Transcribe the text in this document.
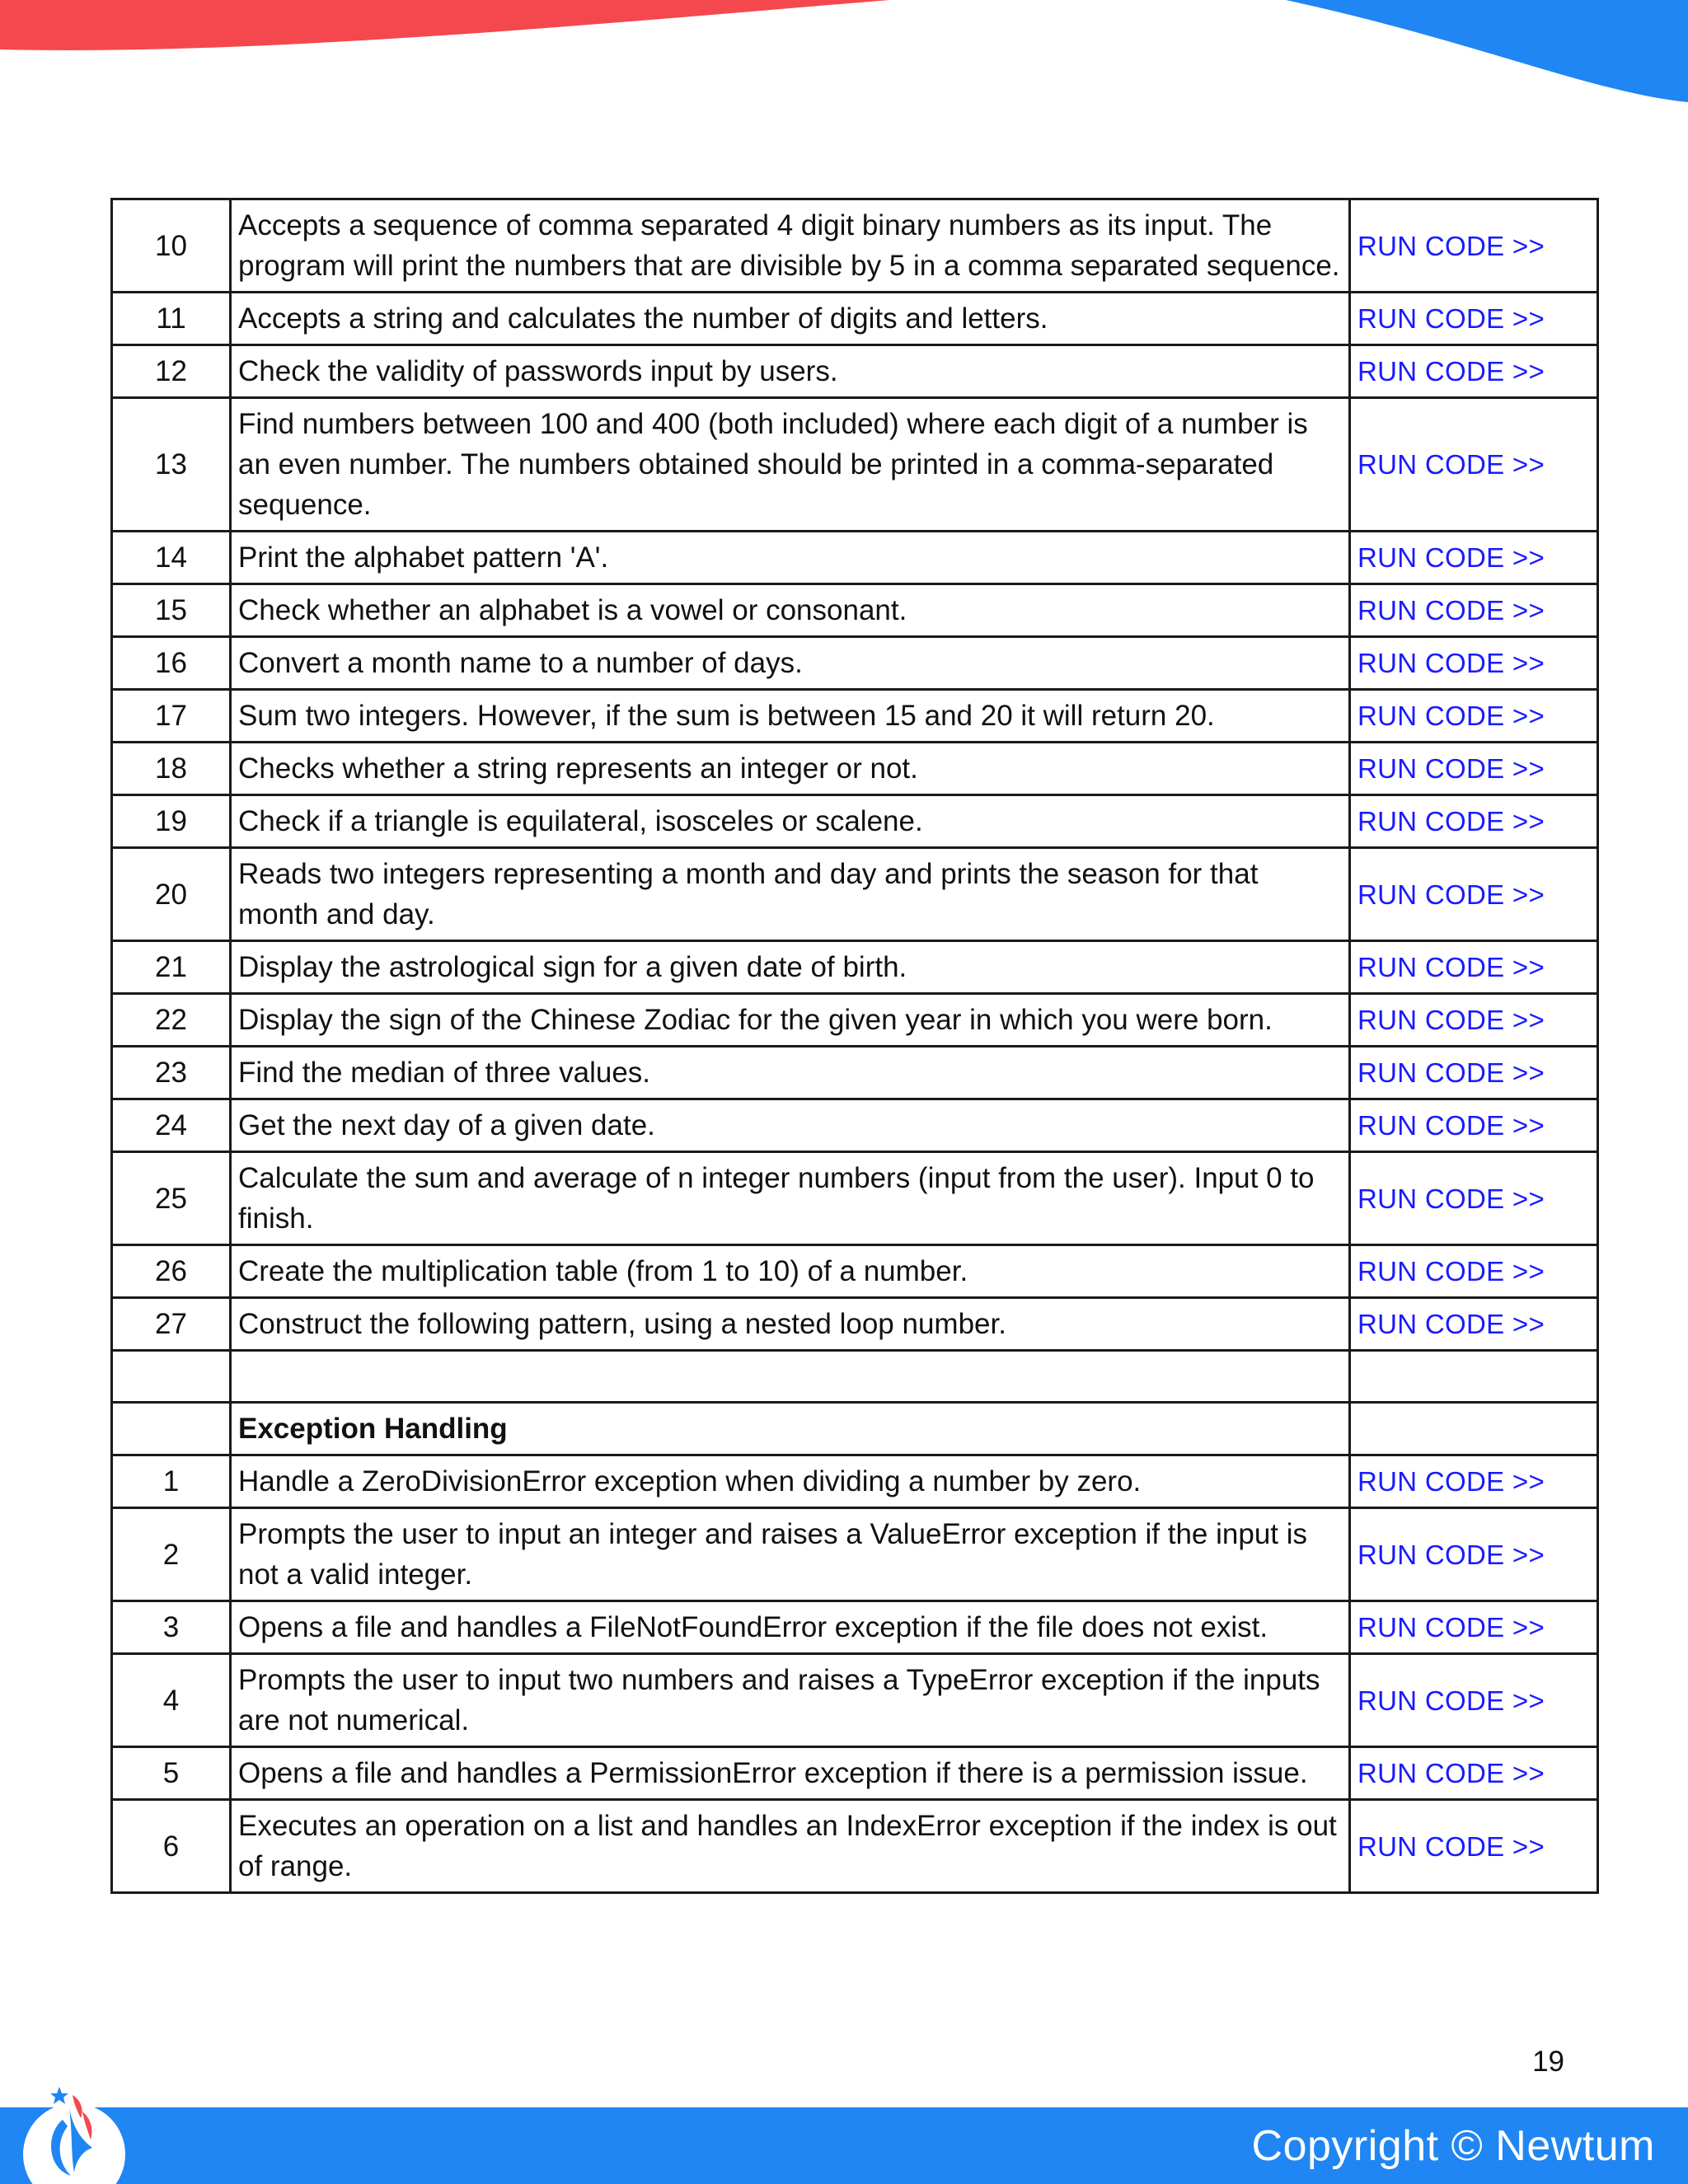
10	Accepts a sequence of comma separated 4 digit binary numbers as its input. The program will print the numbers that are divisible by 5 in a comma separated sequence.	RUN CODE >>
11	Accepts a string and calculates the number of digits and letters.	RUN CODE >>
12	Check the validity of passwords input by users.	RUN CODE >>
13	Find numbers between 100 and 400 (both included) where each digit of a number is an even number. The numbers obtained should be printed in a comma-separated sequence.	RUN CODE >>
14	Print the alphabet pattern 'A'.	RUN CODE >>
15	Check whether an alphabet is a vowel or consonant.	RUN CODE >>
16	Convert a month name to a number of days.	RUN CODE >>
17	Sum two integers. However, if the sum is between 15 and 20 it will return 20.	RUN CODE >>
18	Checks whether a string represents an integer or not.	RUN CODE >>
19	Check if a triangle is equilateral, isosceles or scalene.	RUN CODE >>
20	Reads two integers representing a month and day and prints the season for that month and day.	RUN CODE >>
21	Display the astrological sign for a given date of birth.	RUN CODE >>
22	Display the sign of the Chinese Zodiac for the given year in which you were born.	RUN CODE >>
23	Find the median of three values.	RUN CODE >>
24	Get the next day of a given date.	RUN CODE >>
25	Calculate the sum and average of n integer numbers (input from the user). Input 0 to finish.	RUN CODE >>
26	Create the multiplication table (from 1 to 10) of a number.	RUN CODE >>
27	Construct the following pattern, using a nested loop number.	RUN CODE >>

	Exception Handling	
1	Handle a ZeroDivisionError exception when dividing a number by zero.	RUN CODE >>
2	Prompts the user to input an integer and raises a ValueError exception if the input is not a valid integer.	RUN CODE >>
3	Opens a file and handles a FileNotFoundError exception if the file does not exist.	RUN CODE >>
4	Prompts the user to input two numbers and raises a TypeError exception if the inputs are not numerical.	RUN CODE >>
5	Opens a file and handles a PermissionError exception if there is a permission issue.	RUN CODE >>
6	Executes an operation on a list and handles an IndexError exception if the index is out of range.	RUN CODE >>
19
Copyright © Newtum
